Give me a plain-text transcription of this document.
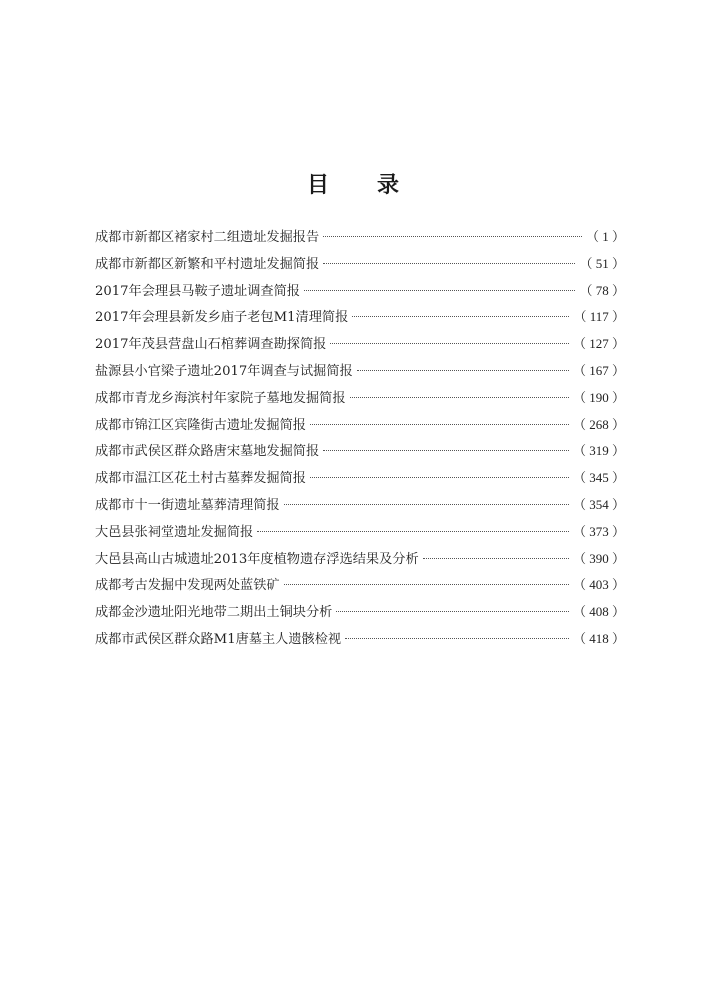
目录
成都市新都区褚家村二组遗址发掘报告	（ 1 ）
成都市新都区新繁和平村遗址发掘简报	（ 51 ）
2017年会理县马鞍子遗址调查简报	（ 78 ）
2017年会理县新发乡庙子老包M1清理简报	（ 117 ）
2017年茂县营盘山石棺葬调查勘探简报	（ 127 ）
盐源县小官梁子遗址2017年调查与试掘简报	（ 167 ）
成都市青龙乡海滨村年家院子墓地发掘简报	（ 190 ）
成都市锦江区宾隆街古遗址发掘简报	（ 268 ）
成都市武侯区群众路唐宋墓地发掘简报	（ 319 ）
成都市温江区花土村古墓葬发掘简报	（ 345 ）
成都市十一街遗址墓葬清理简报	（ 354 ）
大邑县张祠堂遗址发掘简报	（ 373 ）
大邑县高山古城遗址2013年度植物遗存浮选结果及分析	（ 390 ）
成都考古发掘中发现两处蓝铁矿	（ 403 ）
成都金沙遗址阳光地带二期出土铜块分析	（ 408 ）
成都市武侯区群众路M1唐墓主人遗骸检视	（ 418 ）
